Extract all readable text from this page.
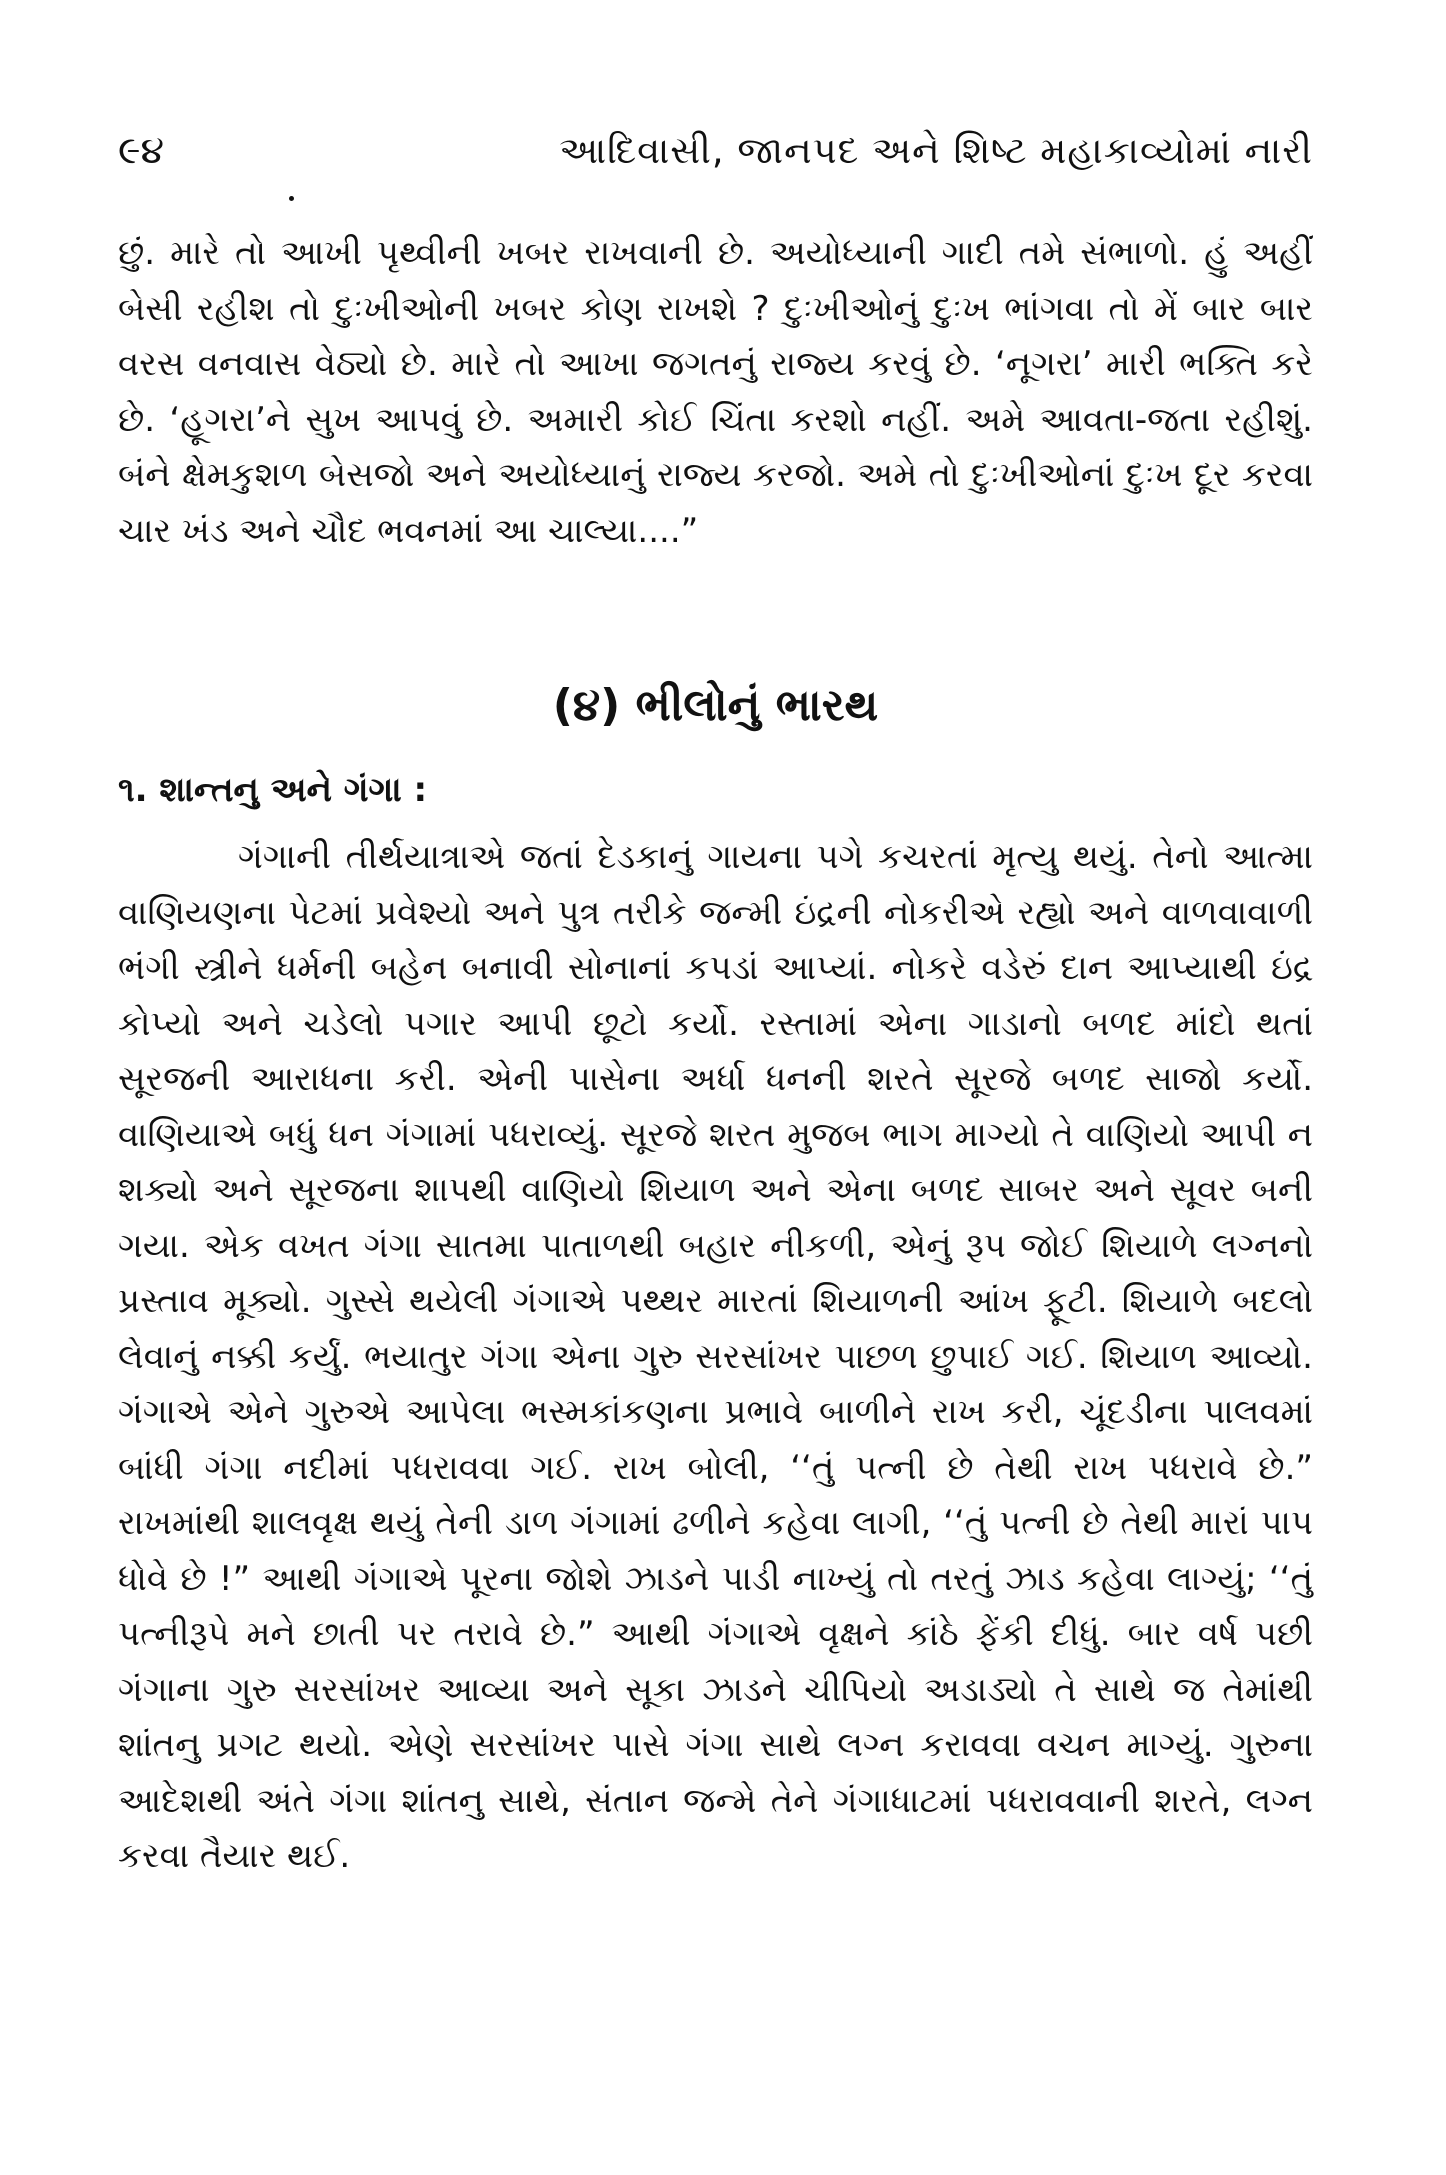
૯૪	આદિવાસી, જાનપદ અને શિષ્ટ મહાકાવ્યોમાં નારી

છું. મારે તો આખી પૃથ્વીની ખબર રાખવાની છે. અયોધ્યાની ગાદી તમે સંભાળો. હું અહીં બેસી રહીશ તો દુઃખીઓની ખબર કોણ રાખશે ? દુઃખીઓનું દુઃખ ભાંગવા તો મેં બાર બાર વરસ વનવાસ વેઠ્યો છે. મારે તો આખા જગતનું રાજ્ય કરવું છે. ‘નૂગરા’ મારી ભક્તિ કરે છે. ‘હૂગરા’ને સુખ આપવું છે. અમારી કોઈ ચિંતા કરશો નહીં. અમે આવતા-જતા રહીશું. બંને ક્ષેમકુશળ બેસજો અને અયોધ્યાનું રાજ્ય કરજો. અમે તો દુઃખીઓનાં દુઃખ દૂર કરવા ચાર ખંડ અને ચૌદ ભવનમાં આ ચાલ્યા....”

(૪) ભીલોનું ભારથ
૧. શાન્તનુ અને ગંગા :

ગંગાની તીર્થયાત્રાએ જતાં દેડકાનું ગાયના પગે કચરતાં મૃત્યુ થયું. તેનો આત્મા વાણિયણના પેટમાં પ્રવેશ્યો અને પુત્ર તરીકે જન્મી ઇંદ્રની નોકરીએ રહ્યો અને વાળવાવાળી ભંગી સ્ત્રીને ધર્મની બહેન બનાવી સોનાનાં કપડાં આપ્યાં. નોકરે વડેરું દાન આપ્યાથી ઇંદ્ર કોપ્યો અને ચડેલો પગાર આપી છૂટો કર્યો. રસ્તામાં એના ગાડાનો બળદ માંદો થતાં સૂરજની આરાધના કરી. એની પાસેના અર્ધા ધનની શરતે સૂરજે બળદ સાજો કર્યો. વાણિયાએ બધું ધન ગંગામાં પધરાવ્યું. સૂરજે શરત મુજબ ભાગ માગ્યો તે વાણિયો આપી ન શક્યો અને સૂરજના શાપથી વાણિયો શિયાળ અને એના બળદ સાબર અને સૂવર બની ગયા. એક વખત ગંગા સાતમા પાતાળથી બહાર નીકળી, એનું રૂપ જોઈ શિયાળે લગ્નનો પ્રસ્તાવ મૂક્યો. ગુસ્સે થયેલી ગંગાએ પથ્થર મારતાં શિયાળની આંખ ફૂટી. શિયાળે બદલો લેવાનું નક્કી કર્યું. ભયાતુર ગંગા એના ગુરુ સરસાંખર પાછળ છુપાઈ ગઈ. શિયાળ આવ્યો. ગંગાએ એને ગુરુએ આપેલા ભસ્મકાંકણના પ્રભાવે બાળીને રાખ કરી, ચૂંદડીના પાલવમાં બાંધી ગંગા નદીમાં પધરાવવા ગઈ. રાખ બોલી, ‘‘તું પત્ની છે તેથી રાખ પધરાવે છે.” રાખમાંથી શાલવૃક્ષ થયું તેની ડાળ ગંગામાં ઢળીને કહેવા લાગી, ‘‘તું પત્ની છે તેથી મારાં પાપ ધોવે છે !” આથી ગંગાએ પૂરના જોશે ઝાડને પાડી નાખ્યું તો તરતું ઝાડ કહેવા લાગ્યું; ‘‘તું પત્નીરૂપે મને છાતી પર તરાવે છે.” આથી ગંગાએ વૃક્ષને કાંઠે ફેંકી દીધું. બાર વર્ષ પછી ગંગાના ગુરુ સરસાંખર આવ્યા અને સૂકા ઝાડને ચીપિયો અડાડ્યો તે સાથે જ તેમાંથી શાંતનુ પ્રગટ થયો. એણે સરસાંખર પાસે ગંગા સાથે લગ્ન કરાવવા વચન માગ્યું. ગુરુના આદેશથી અંતે ગંગા શાંતનુ સાથે, સંતાન જન્મે તેને ગંગાધાટમાં પધરાવવાની શરતે, લગ્ન કરવા તૈયાર થઈ.
